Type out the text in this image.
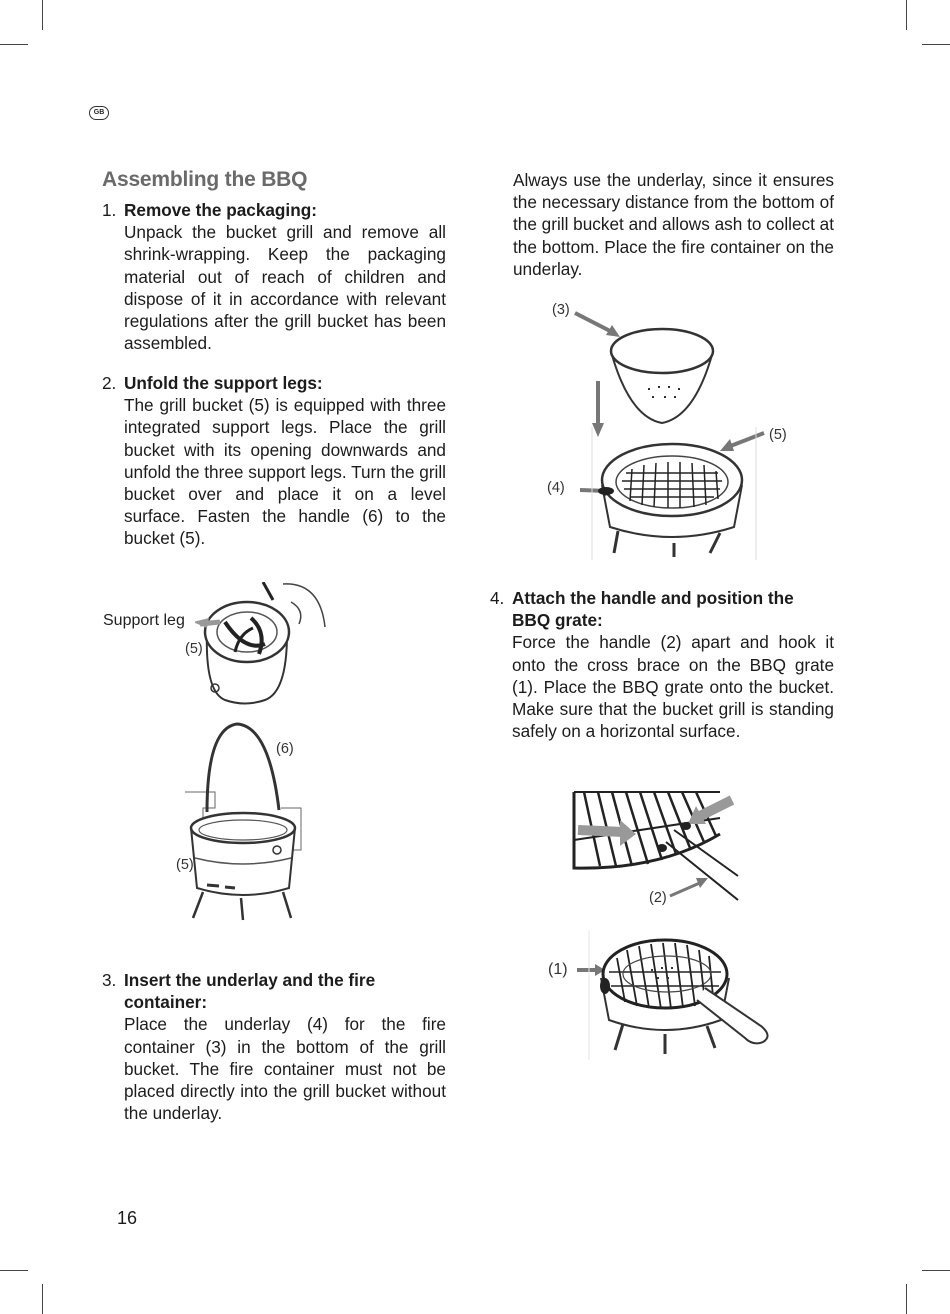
GB
Assembling the BBQ
1. Remove the packaging:
Unpack the bucket grill and remove all shrink-wrapping. Keep the packaging material out of reach of children and dispose of it in accordance with relevant regulations after the grill bucket has been assembled.
2. Unfold the support legs:
The grill bucket (5) is equipped with three integrated support legs. Place the grill bucket with its opening downwards and unfold the three support legs. Turn the grill bucket over and place it on a level surface. Fasten the handle (6) to the bucket (5).
Support leg
(5)
(6)
(5)
3. Insert the underlay and the fire container:
Place the underlay (4) for the fire container (3) in the bottom of the grill bucket. The fire container must not be placed directly into the grill bucket without the underlay.

Always use the underlay, since it ensures the necessary distance from the bottom of the grill bucket and allows ash to collect at the bottom. Place the fire container on the underlay.

(3)
(5)
(4)
4. Attach the handle and position the BBQ grate:
Force the handle (2) apart and hook it onto the cross brace on the BBQ grate (1). Place the BBQ grate onto the bucket. Make sure that the bucket grill is standing safely on a horizontal surface.
(2)
(1)
16
